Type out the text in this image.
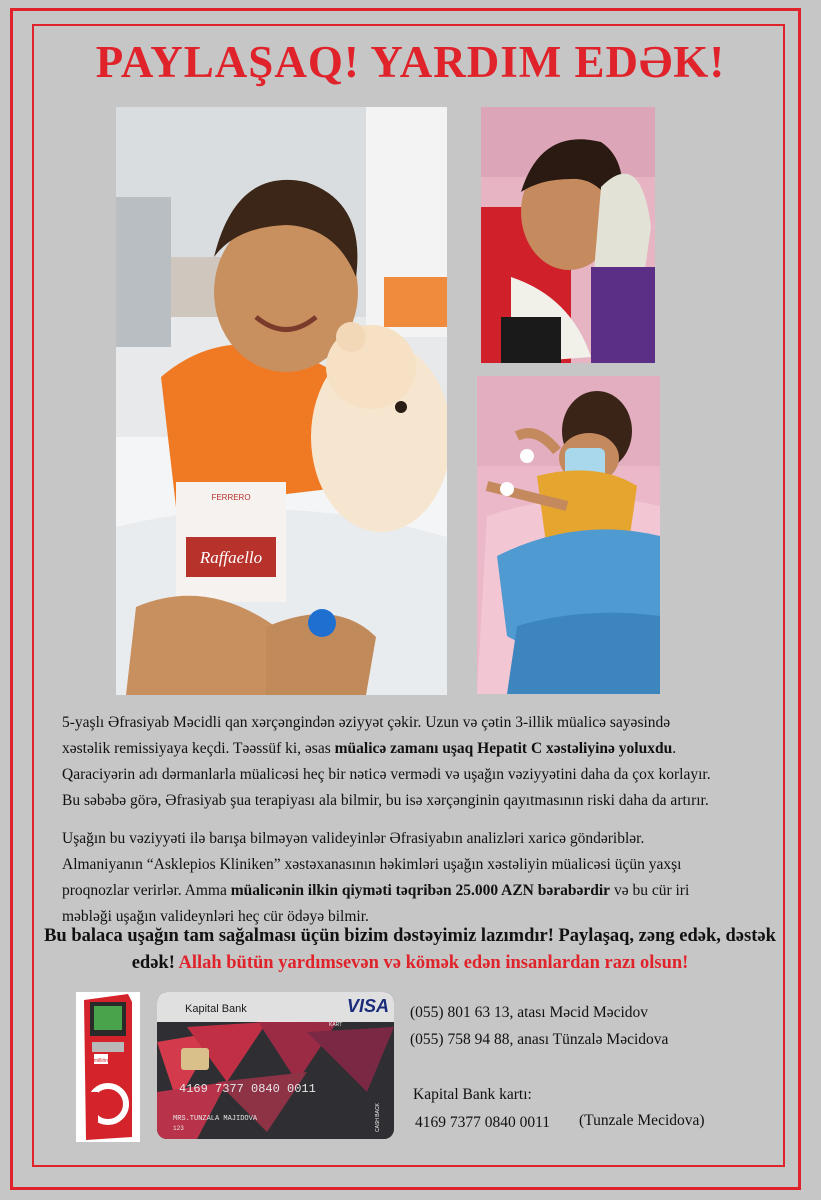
PAYLAŞAQ! YARDIM EDƏK!
Raffaello
FERRERO
5-yaşlı Əfrasiyab Məcidli qan xərçəngindən əziyyət çəkir. Uzun və çətin 3-illik müalicə sayəsində xəstəlik remissiyaya keçdi. Təəssüf ki, əsas müalicə zamanı uşaq Hepatit C xəstəliyinə yoluxdu. Qaraciyərin adı dərmanlarla müalicəsi heç bir nəticə vermədi və uşağın vəziyyətini daha da çox korlayır. Bu səbəbə görə, Əfrasiyab şua terapiyası ala bilmir, bu isə xərçənginin qayıtmasının riski daha da artırır.
Uşağın bu vəziyyəti ilə barışa bilməyən valideyinlər Əfrasiyabın analizləri xaricə göndəriblər. Almaniyanın “Asklepios Kliniken” xəstəxanasının həkimləri uşağın xəstəliyin müalicəsi üçün yaxşı proqnozlar verirlər. Amma müalicənin ilkin qiyməti təqribən 25.000 AZN bərabərdir və bu cür iri məbləği uşağın valideynləri heç cür ödəyə bilmir.
Bu balaca uşağın tam sağalması üçün bizim dəstəyimiz lazımdır! Paylaşaq, zəng edək, dəstək edək! Allah bütün yardımsevən və kömək edən insanlardan razı olsun!
milliön
Kapital Bank	VISA
KART
4169 7377 0840 0011
MRS.TUNZALA MAJIDOVA
123	CASH BACK
(055) 801 63 13, atası Məcid Məcidov
(055) 758 94 88, anası Tünzalə Məcidova
Kapital Bank kartı:
4169 7377 0840 0011 (Tunzale Mecidova)
